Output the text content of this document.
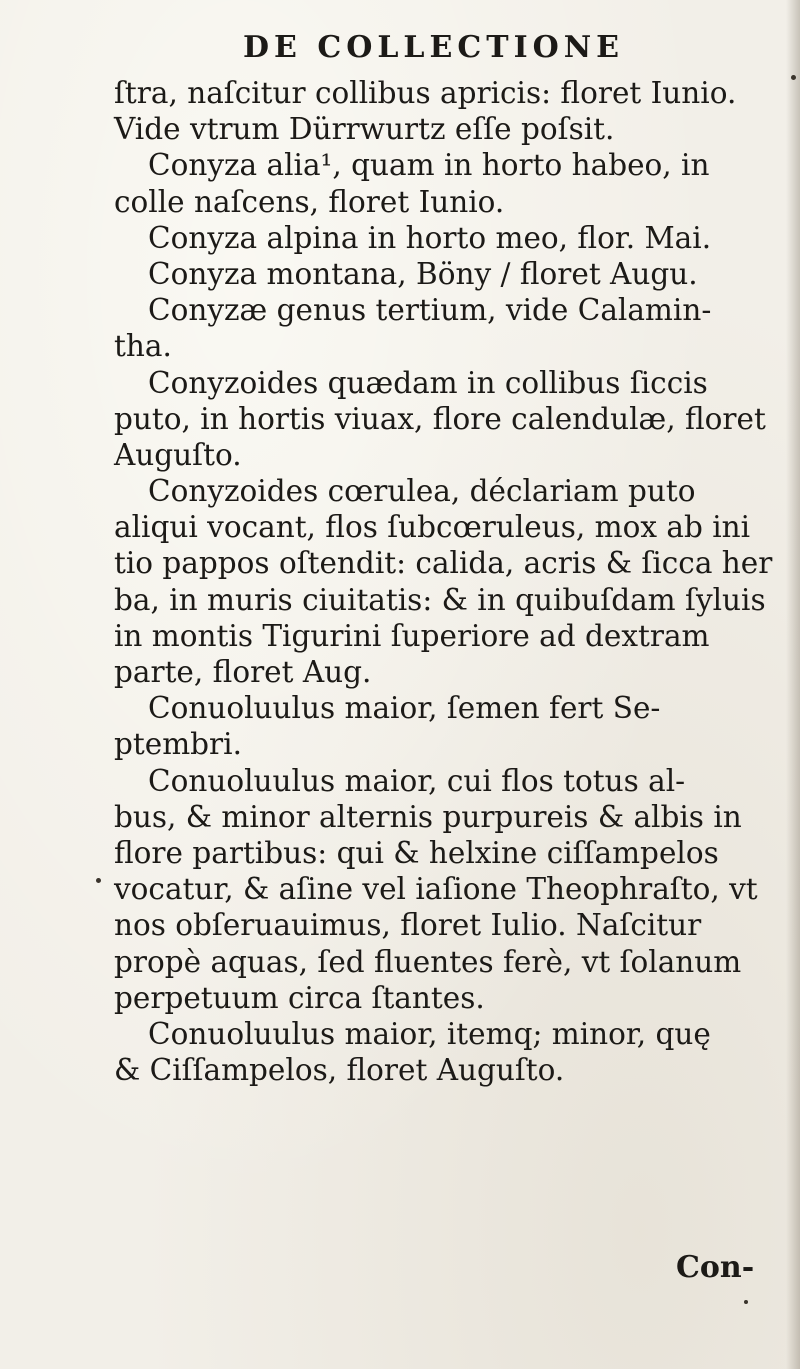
DE COLLECTIONE
ſtra, naſcitur collibus apricis: floret Iunio.
Vide vtrum Dürrwurtz eſſe poſsit.
Conyza alia¹, quam in horto habeo, in
colle naſcens, floret Iunio.
Conyza alpina in horto meo, flor. Mai.
Conyza montana, Böny / floret Augu.
Conyzæ genus tertium, vide Calamin-
tha.
Conyzoides quædam in collibus ſiccis
puto, in hortis viuax, flore calendulæ, floret
Auguſto.
Conyzoides cœrulea, déclariam puto
aliqui vocant, flos ſubcœruleus, mox ab ini
tio pappos oſtendit: calida, acris & ſicca her
ba, in muris ciuitatis: & in quibuſdam ſyluis
in montis Tigurini ſuperiore ad dextram
parte, floret Aug.
Conuoluulus maior, ſemen fert Se-
ptembri.
Conuoluulus maior, cui flos totus al-
bus, & minor alternis purpureis & albis in
flore partibus: qui & helxine ciſſampelos
vocatur, & aſine vel iaſione Theophraſto, vt
nos obſeruauimus, floret Iulio. Naſcitur
propè aquas, ſed fluentes ferè, vt ſolanum
perpetuum circa ſtantes.
Conuoluulus maior, itemq; minor, quę
& Ciſſampelos, floret Auguſto.
Con-
